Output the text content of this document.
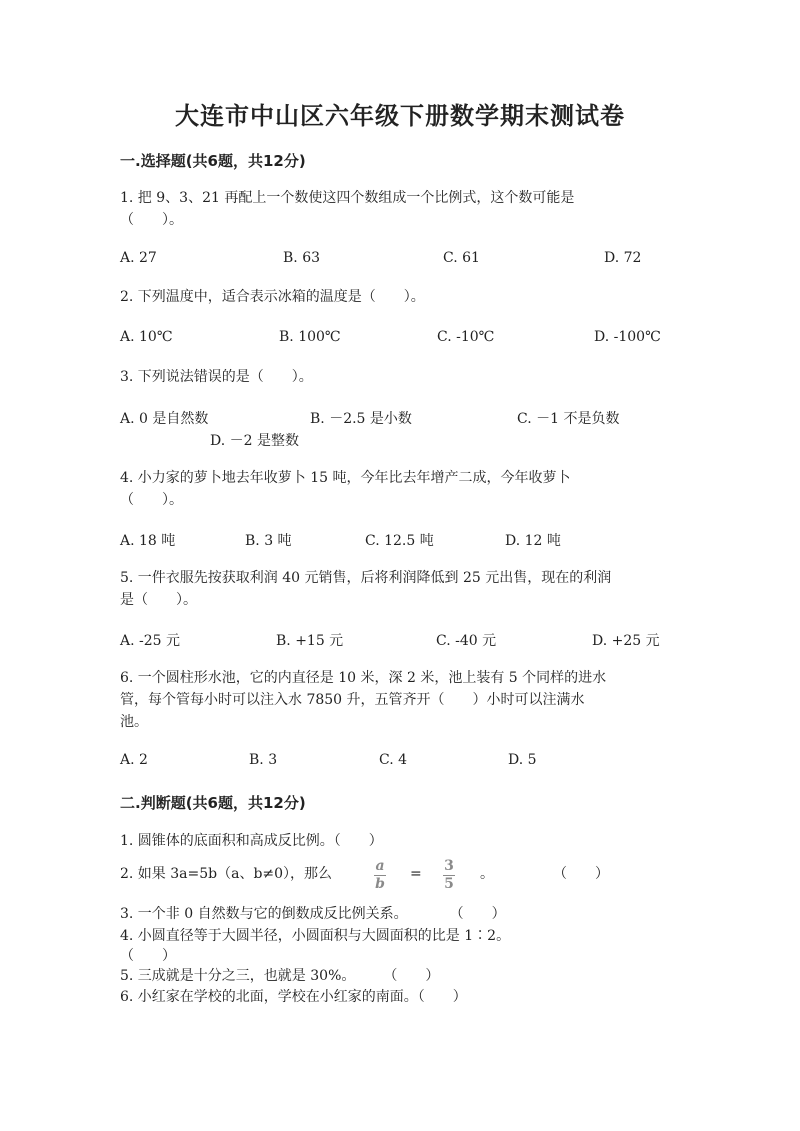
大连市中山区六年级下册数学期末测试卷
一.选择题(共6题，共12分)
1. 把 9、3、21 再配上一个数使这四个数组成一个比例式，这个数可能是
（　　）。
A. 27	B. 63	C. 61	D. 72
2. 下列温度中，适合表示冰箱的温度是（　　）。
A. 10℃	B. 100℃	C. -10℃	D. -100℃
3. 下列说法错误的是（　　）。
A. 0 是自然数	B. －2.5 是小数	C. －1 不是负数
D. －2 是整数
4. 小力家的萝卜地去年收萝卜 15 吨，今年比去年增产二成，今年收萝卜
（　　）。
A. 18 吨	B. 3 吨	C. 12.5 吨	D. 12 吨
5. 一件衣服先按获取利润 40 元销售，后将利润降低到 25 元出售，现在的利润
是（　　）。
A. -25 元	B. +15 元	C. -40 元	D. +25 元
6. 一个圆柱形水池，它的内直径是 10 米，深 2 米，池上装有 5 个同样的进水
管，每个管每小时可以注入水 7850 升，五管齐开（　　）小时可以注满水
池。
A. 2	B. 3	C. 4	D. 5
二.判断题(共6题，共12分)
1. 圆锥体的底面积和高成反比例。（　　）
2. 如果 3a=5b（a、b≠0），那么	a
b
= 3
5
。	（　　）
3. 一个非 0 自然数与它的倒数成反比例关系。　　　　（　　）
4. 小圆直径等于大圆半径，小圆面积与大圆面积的比是 1∶2。
（　　）
5. 三成就是十分之三，也就是 30%。　　　（　　）
6. 小红家在学校的北面，学校在小红家的南面。（　　）
